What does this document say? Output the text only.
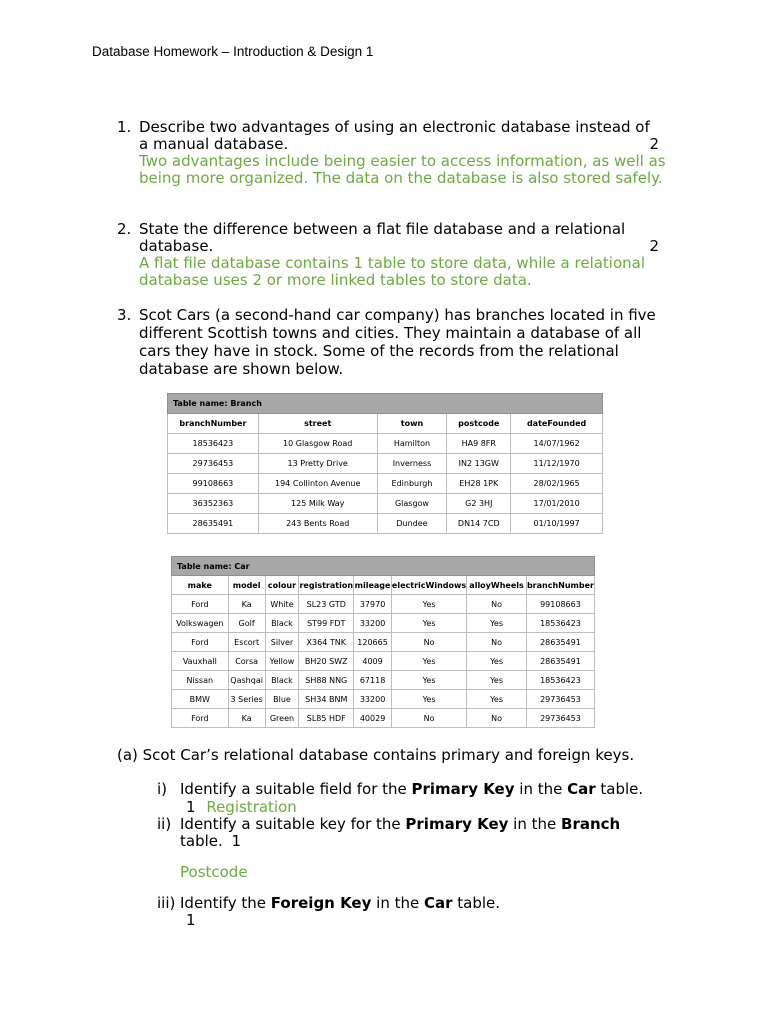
Database Homework – Introduction & Design 1
1. Describe two advantages of using an electronic database instead of
a manual database.	2
Two advantages include being easier to access information, as well as being more organized. The data on the database is also stored safely.
2. State the difference between a flat file database and a relational
database.	2
A flat file database contains 1 table to store data, while a relational database uses 2 or more linked tables to store data.
3. Scot Cars (a second-hand car company) has branches located in five different Scottish towns and cities. They maintain a database of all cars they have in stock. Some of the records from the relational database are shown below.
Table name: Branch				
branchNumber	street	town	postcode	dateFounded
18536423	10 Glasgow Road	Hamilton	HA9 8FR	14/07/1962
29736453	13 Pretty Drive	Inverness	IN2 13GW	11/12/1970
99108663	194 Collinton Avenue	Edinburgh	EH28 1PK	28/02/1965
36352363	125 Milk Way	Glasgow	G2 3HJ	17/01/2010
28635491	243 Bents Road	Dundee	DN14 7CD	01/10/1997
Table name: Car							
make	model	colour	registration	mileage	electricWindows	alloyWheels	branchNumber
Ford	Ka	White	SL23 GTD	37970	Yes	No	99108663
Volkswagen	Golf	Black	ST99 FDT	33200	Yes	Yes	18536423
Ford	Escort	Silver	X364 TNK	120665	No	No	28635491
Vauxhall	Corsa	Yellow	BH20 SWZ	4009	Yes	Yes	28635491
Nissan	Qashqai	Black	SH88 NNG	67118	Yes	Yes	18536423
BMW	3 Series	Blue	SH34 BNM	33200	Yes	Yes	29736453
Ford	Ka	Green	SL85 HDF	40029	No	No	29736453
(a) Scot Car’s relational database contains primary and foreign keys.
i) Identify a suitable field for the Primary Key in the Car table.
1 Registration
ii) Identify a suitable key for the Primary Key in the Branch
table. 1
Postcode
iii) Identify the Foreign Key in the Car table.
1
